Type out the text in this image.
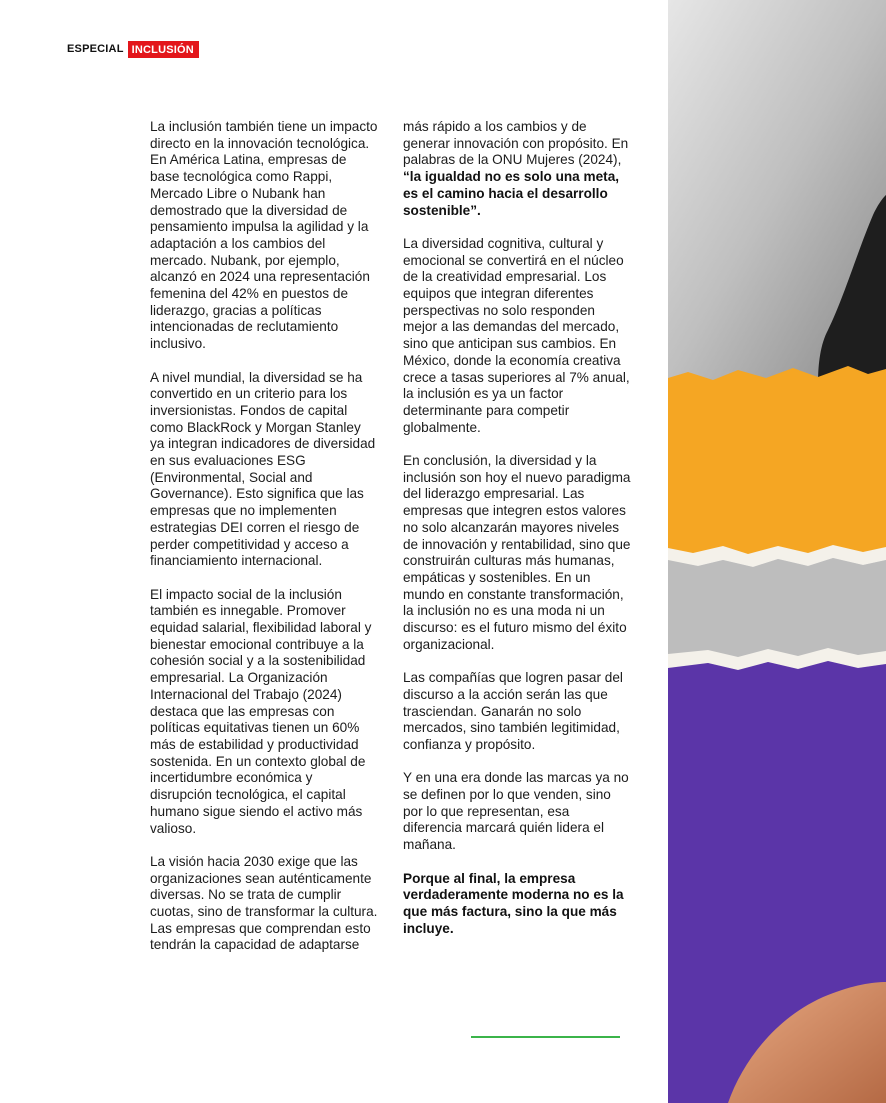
ESPECIAL INCLUSIÓN

La inclusión también tiene un impacto directo en la innovación tecnológica. En América Latina, empresas de base tecnológica como Rappi, Mercado Libre o Nubank han demostrado que la diversidad de pensamiento impulsa la agilidad y la adaptación a los cambios del mercado. Nubank, por ejemplo, alcanzó en 2024 una representación femenina del 42% en puestos de liderazgo, gracias a políticas intencionadas de reclutamiento inclusivo.

A nivel mundial, la diversidad se ha convertido en un criterio para los inversionistas. Fondos de capital como BlackRock y Morgan Stanley ya integran indicadores de diversidad en sus evaluaciones ESG (Environmental, Social and Governance). Esto significa que las empresas que no implementen estrategias DEI corren el riesgo de perder competitividad y acceso a financiamiento internacional.

El impacto social de la inclusión también es innegable. Promover equidad salarial, flexibilidad laboral y bienestar emocional contribuye a la cohesión social y a la sostenibilidad empresarial. La Organización Internacional del Trabajo (2024) destaca que las empresas con políticas equitativas tienen un 60% más de estabilidad y productividad sostenida. En un contexto global de incertidumbre económica y disrupción tecnológica, el capital humano sigue siendo el activo más valioso.

La visión hacia 2030 exige que las organizaciones sean auténticamente diversas. No se trata de cumplir cuotas, sino de transformar la cultura. Las empresas que comprendan esto tendrán la capacidad de adaptarse

más rápido a los cambios y de generar innovación con propósito. En palabras de la ONU Mujeres (2024), “la igualdad no es solo una meta, es el camino hacia el desarrollo sostenible”.

La diversidad cognitiva, cultural y emocional se convertirá en el núcleo de la creatividad empresarial. Los equipos que integran diferentes perspectivas no solo responden mejor a las demandas del mercado, sino que anticipan sus cambios. En México, donde la economía creativa crece a tasas superiores al 7% anual, la inclusión es ya un factor determinante para competir globalmente.

En conclusión, la diversidad y la inclusión son hoy el nuevo paradigma del liderazgo empresarial. Las empresas que integren estos valores no solo alcanzarán mayores niveles de innovación y rentabilidad, sino que construirán culturas más humanas, empáticas y sostenibles. En un mundo en constante transformación, la inclusión no es una moda ni un discurso: es el futuro mismo del éxito organizacional.

Las compañías que logren pasar del discurso a la acción serán las que trasciendan. Ganarán no solo mercados, sino también legitimidad, confianza y propósito.

Y en una era donde las marcas ya no se definen por lo que venden, sino por lo que representan, esa diferencia marcará quién lidera el mañana.

Porque al final, la empresa verdaderamente moderna no es la que más factura, sino la que más incluye.
